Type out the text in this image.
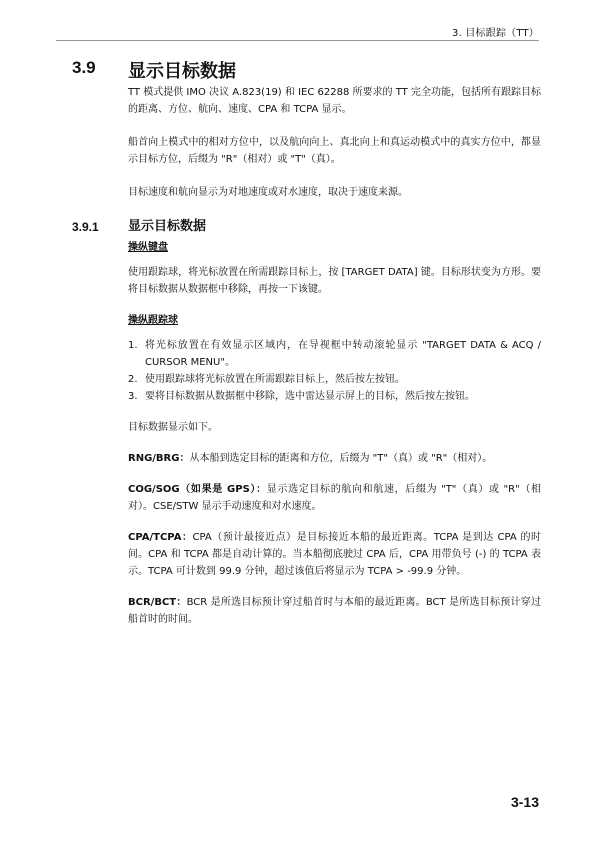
3. 目标跟踪（TT）
3.9 显示目标数据

TT 模式提供 IMO 决议 A.823(19) 和 IEC 62288 所要求的 TT 完全功能，包括所有跟踪目标的距离、方位、航向、速度、CPA 和 TCPA 显示。

船首向上模式中的相对方位中，以及航向向上、真北向上和真运动模式中的真实方位中，都显示目标方位，后缀为 "R"（相对）或 "T"（真）。

目标速度和航向显示为对地速度或对水速度，取决于速度来源。

3.9.1 显示目标数据

操纵键盘

使用跟踪球，将光标放置在所需跟踪目标上，按 [TARGET DATA] 键。目标形状变为方形。要将目标数据从数据框中移除，再按一下该键。

操纵跟踪球

1. 将光标放置在有效显示区域内，在导视框中转动滚轮显示 "TARGET DATA & ACQ / CURSOR MENU"。
2. 使用跟踪球将光标放置在所需跟踪目标上，然后按左按钮。
3. 要将目标数据从数据框中移除，选中雷达显示屏上的目标，然后按左按钮。

目标数据显示如下。

RNG/BRG：从本船到选定目标的距离和方位，后缀为 "T"（真）或 "R"（相对）。

COG/SOG（如果是 GPS）：显示选定目标的航向和航速，后缀为 "T"（真）或 "R"（相对）。CSE/STW 显示手动速度和对水速度。

CPA/TCPA：CPA（预计最接近点）是目标接近本船的最近距离。TCPA 是到达 CPA 的时间。CPA 和 TCPA 都是自动计算的。当本船彻底驶过 CPA 后，CPA 用带负号 (-) 的 TCPA 表示。TCPA 可计数到 99.9 分钟，超过该值后将显示为 TCPA > -99.9 分钟。

BCR/BCT：BCR 是所选目标预计穿过船首时与本船的最近距离。BCT 是所选目标预计穿过船首时的时间。

3-13
